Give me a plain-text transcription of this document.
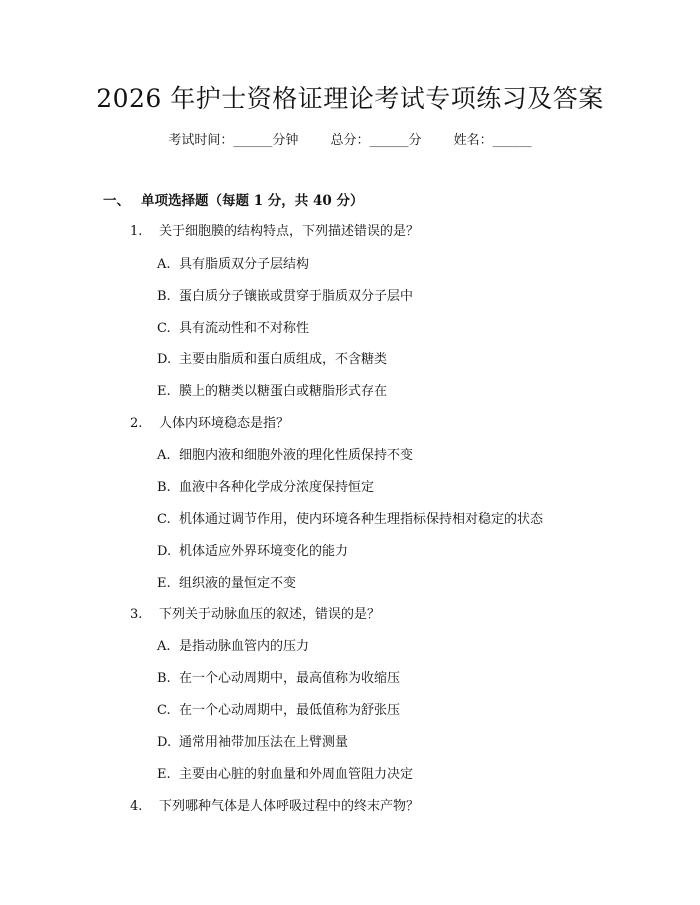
2026 年护士资格证理论考试专项练习及答案
考试时间：______分钟 总分：______分 姓名：______
一、 单项选择题（每题 1 分，共 40 分）
1. 关于细胞膜的结构特点，下列描述错误的是？
A. 具有脂质双分子层结构
B. 蛋白质分子镶嵌或贯穿于脂质双分子层中
C. 具有流动性和不对称性
D. 主要由脂质和蛋白质组成，不含糖类
E. 膜上的糖类以糖蛋白或糖脂形式存在
2. 人体内环境稳态是指？
A. 细胞内液和细胞外液的理化性质保持不变
B. 血液中各种化学成分浓度保持恒定
C. 机体通过调节作用，使内环境各种生理指标保持相对稳定的状态
D. 机体适应外界环境变化的能力
E. 组织液的量恒定不变
3. 下列关于动脉血压的叙述，错误的是？
A. 是指动脉血管内的压力
B. 在一个心动周期中，最高值称为收缩压
C. 在一个心动周期中，最低值称为舒张压
D. 通常用袖带加压法在上臂测量
E. 主要由心脏的射血量和外周血管阻力决定
4. 下列哪种气体是人体呼吸过程中的终末产物？
